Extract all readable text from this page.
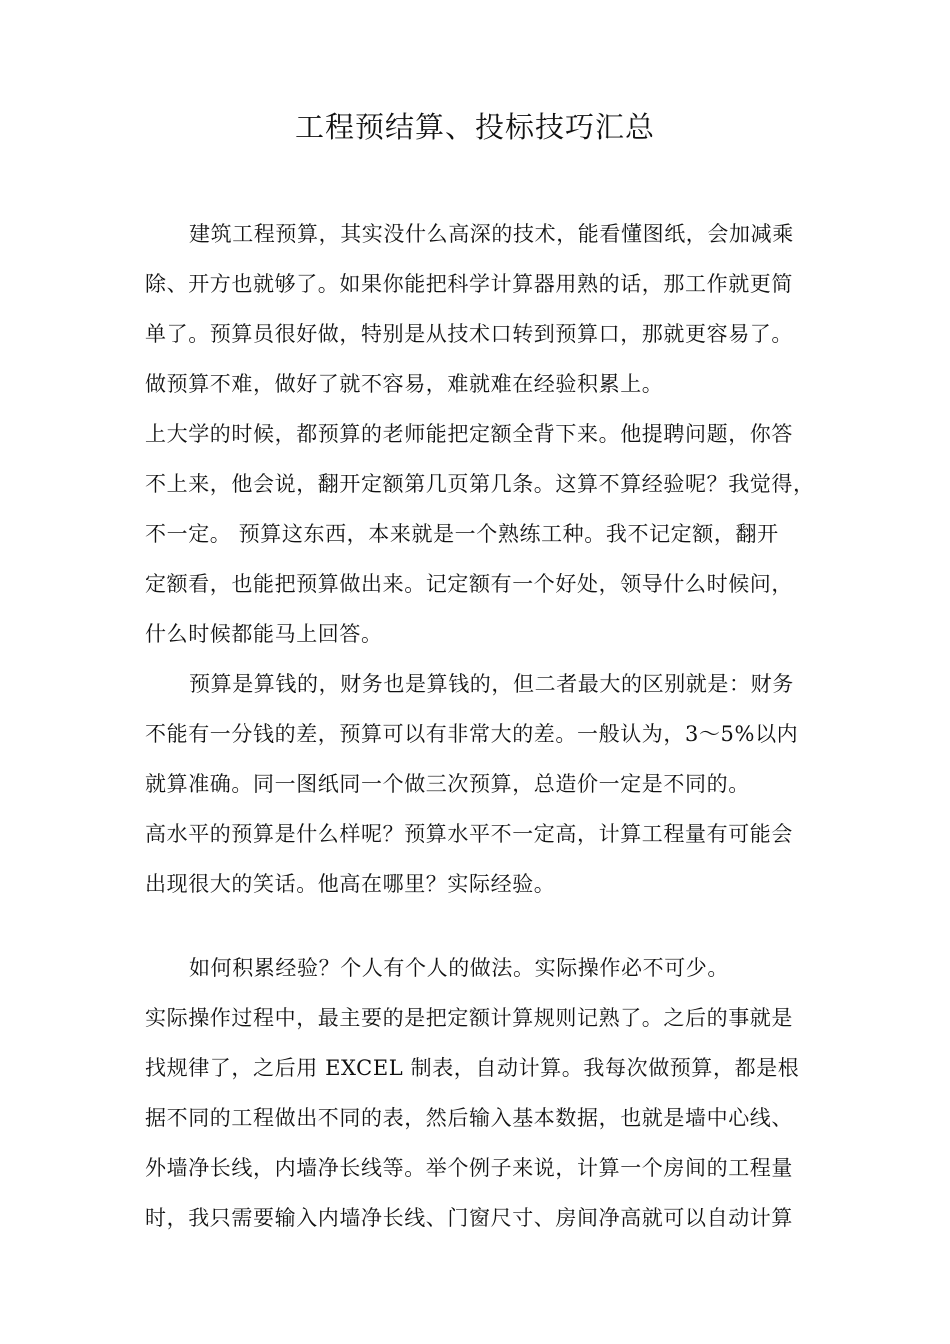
工程预结算、投标技巧汇总
建筑工程预算，其实没什么高深的技术，能看懂图纸，会加减乘
除、开方也就够了。如果你能把科学计算器用熟的话，那工作就更简
单了。预算员很好做，特别是从技术口转到预算口，那就更容易了。
做预算不难，做好了就不容易，难就难在经验积累上。
上大学的时候，都预算的老师能把定额全背下来。他提聘问题，你答
不上来，他会说，翻开定额第几页第几条。这算不算经验呢？我觉得，
不一定。 预算这东西，本来就是一个熟练工种。我不记定额，翻开
定额看，也能把预算做出来。记定额有一个好处，领导什么时候问，
什么时候都能马上回答。
预算是算钱的，财务也是算钱的，但二者最大的区别就是：财务
不能有一分钱的差，预算可以有非常大的差。一般认为，3～5%以内
就算准确。同一图纸同一个做三次预算，总造价一定是不同的。
高水平的预算是什么样呢？预算水平不一定高，计算工程量有可能会
出现很大的笑话。他高在哪里？实际经验。
如何积累经验？个人有个人的做法。实际操作必不可少。
实际操作过程中，最主要的是把定额计算规则记熟了。之后的事就是
找规律了，之后用 EXCEL 制表，自动计算。我每次做预算，都是根
据不同的工程做出不同的表，然后输入基本数据，也就是墙中心线、
外墙净长线，内墙净长线等。举个例子来说，计算一个房间的工程量
时，我只需要输入内墙净长线、门窗尺寸、房间净高就可以自动计算
